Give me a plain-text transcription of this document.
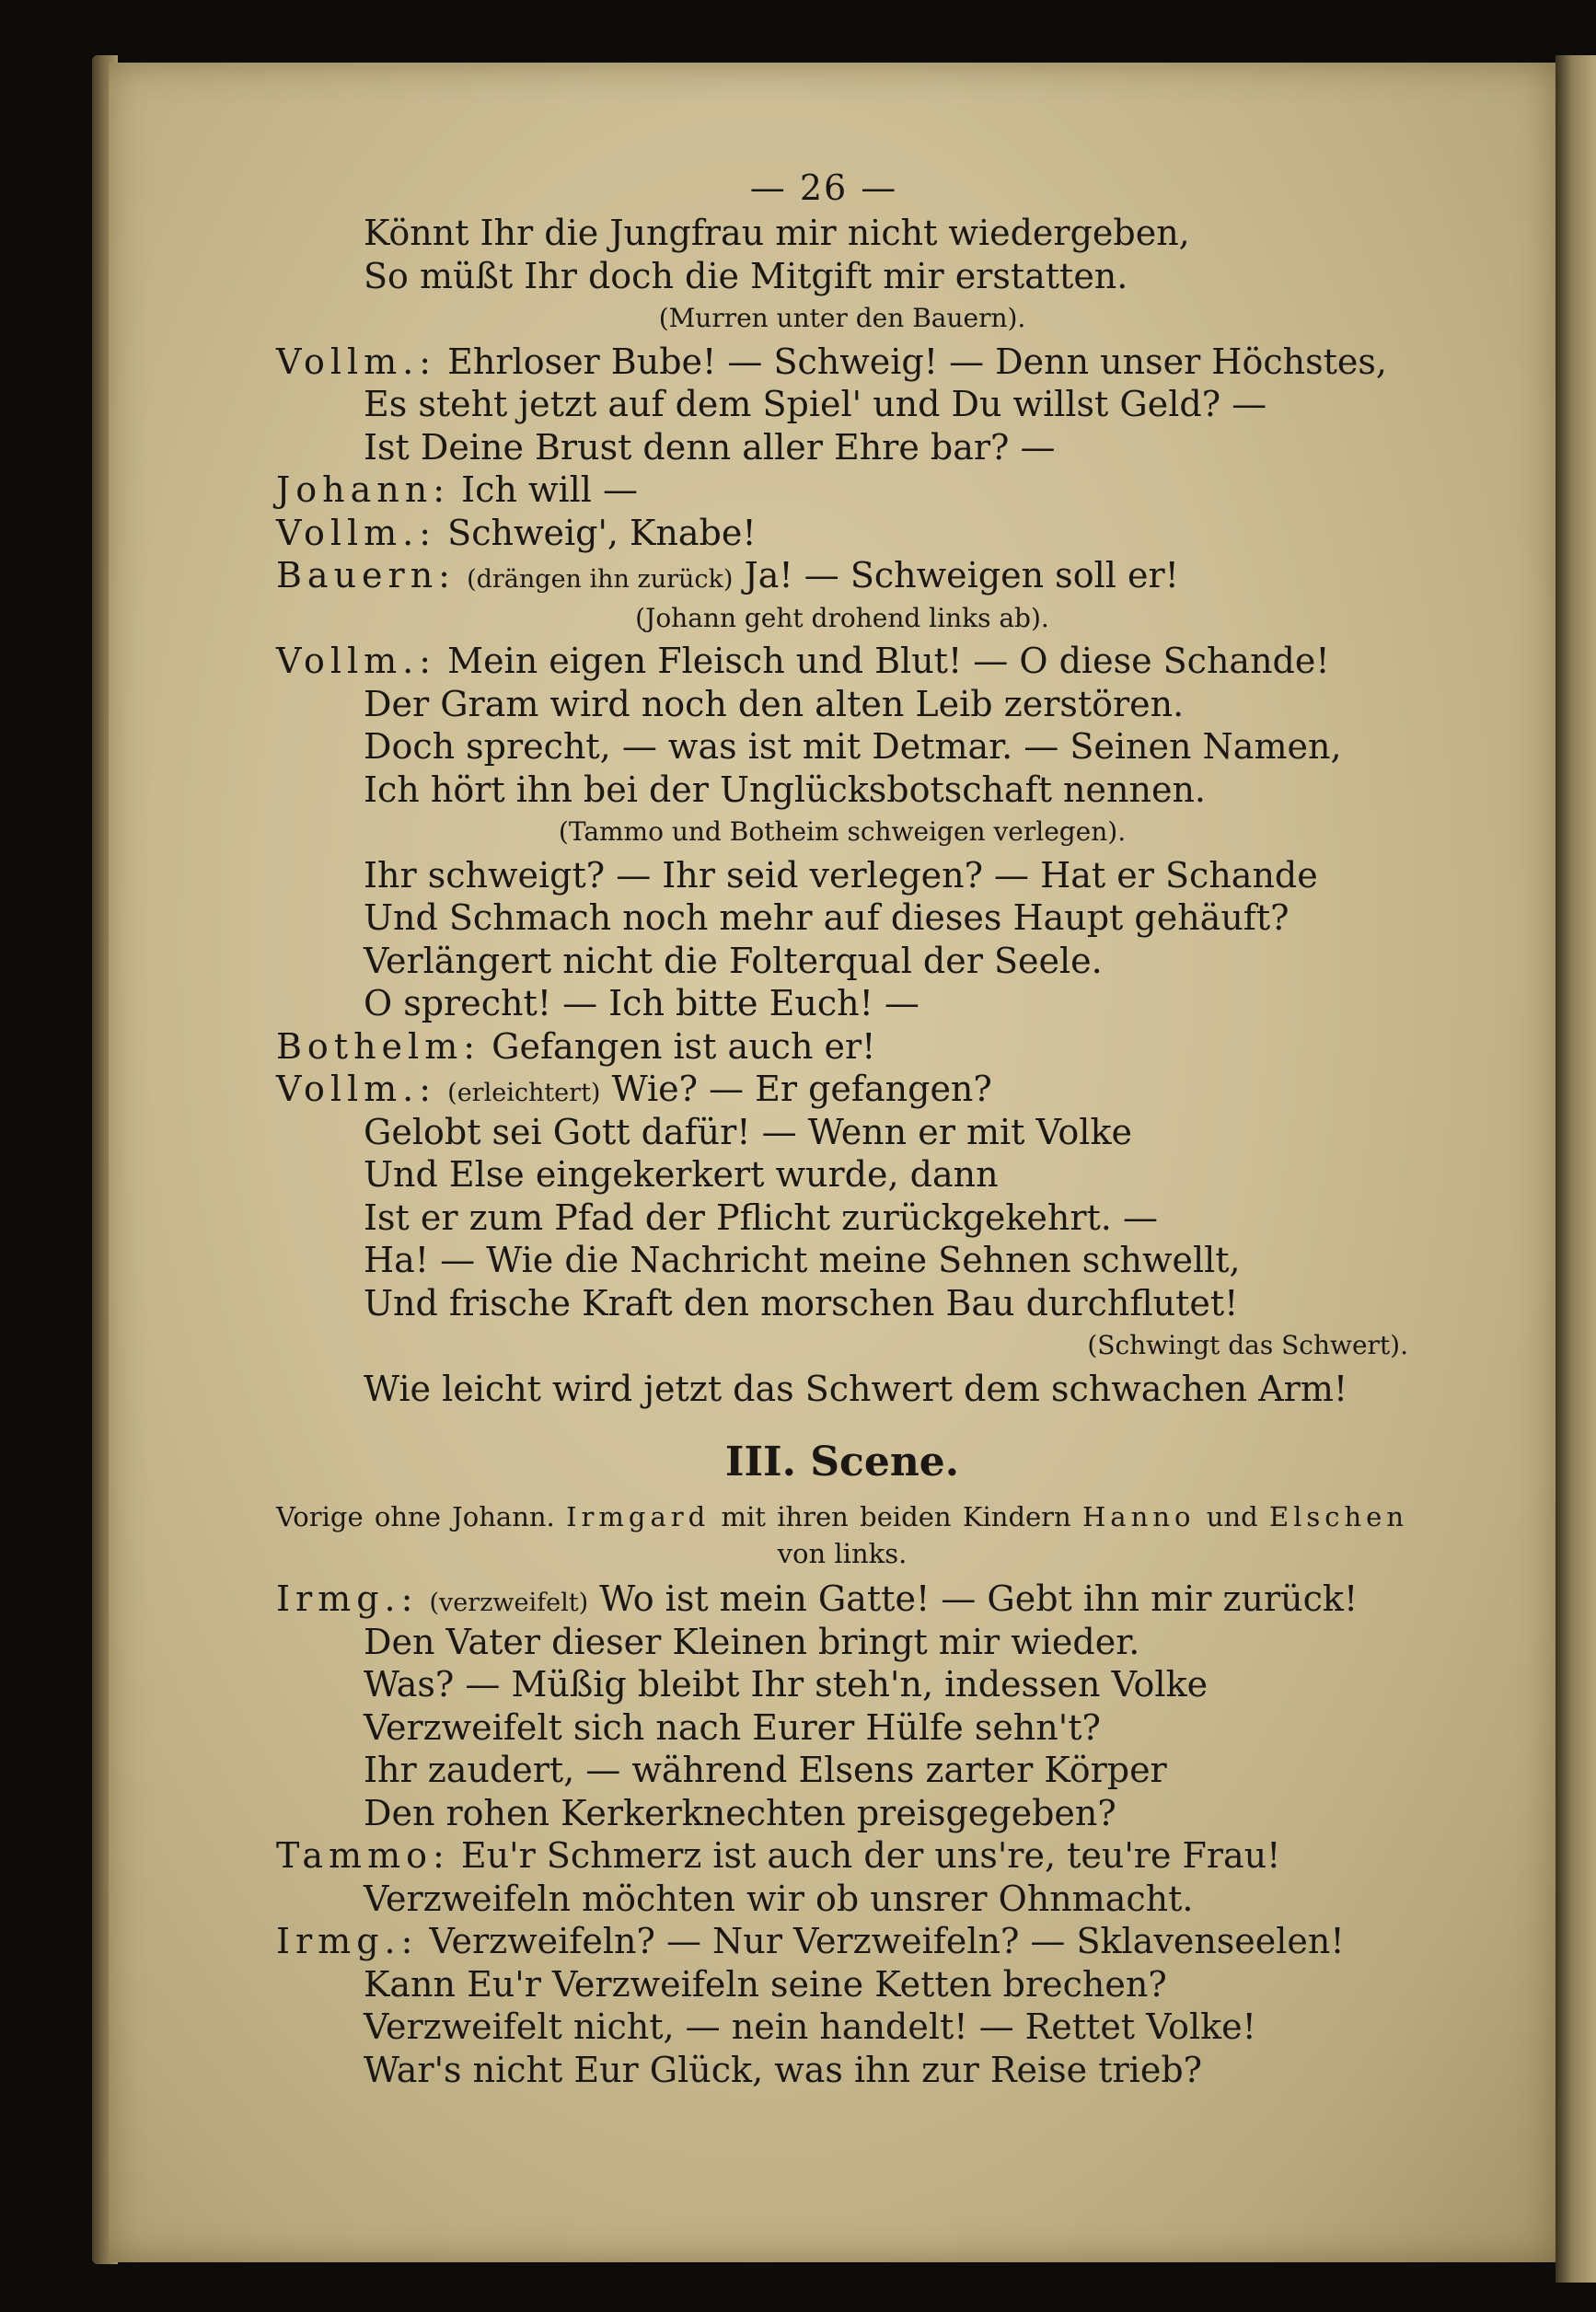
— 26 —
Könnt Ihr die Jungfrau mir nicht wiedergeben,
So müßt Ihr doch die Mitgift mir erstatten.
(Murren unter den Bauern).
Vollm.: Ehrloser Bube! — Schweig! — Denn unser Höchstes,
Es steht jetzt auf dem Spiel' und Du willst Geld? —
Ist Deine Brust denn aller Ehre bar? —
Johann: Ich will —
Vollm.: Schweig', Knabe!
Bauern: (drängen ihn zurück) Ja! — Schweigen soll er!
(Johann geht drohend links ab).
Vollm.: Mein eigen Fleisch und Blut! — O diese Schande!
Der Gram wird noch den alten Leib zerstören.
Doch sprecht, — was ist mit Detmar. — Seinen Namen,
Ich hört ihn bei der Unglücksbotschaft nennen.
(Tammo und Botheim schweigen verlegen).
Ihr schweigt? — Ihr seid verlegen? — Hat er Schande
Und Schmach noch mehr auf dieses Haupt gehäuft?
Verlängert nicht die Folterqual der Seele.
O sprecht! — Ich bitte Euch! —
Bothelm: Gefangen ist auch er!
Vollm.: (erleichtert) Wie? — Er gefangen?
Gelobt sei Gott dafür! — Wenn er mit Volke
Und Else eingekerkert wurde, dann
Ist er zum Pfad der Pflicht zurückgekehrt. —
Ha! — Wie die Nachricht meine Sehnen schwellt,
Und frische Kraft den morschen Bau durchflutet!
(Schwingt das Schwert).
Wie leicht wird jetzt das Schwert dem schwachen Arm!
III. Scene.
Vorige ohne Johann. Irmgard mit ihren beiden Kindern Hanno und Elschen von links.
Irmg.: (verzweifelt) Wo ist mein Gatte! — Gebt ihn mir zurück!
Den Vater dieser Kleinen bringt mir wieder.
Was? — Müßig bleibt Ihr steh'n, indessen Volke
Verzweifelt sich nach Eurer Hülfe sehn't?
Ihr zaudert, — während Elsens zarter Körper
Den rohen Kerkerknechten preisgegeben?
Tammo: Eu'r Schmerz ist auch der uns're, teu're Frau!
Verzweifeln möchten wir ob unsrer Ohnmacht.
Irmg.: Verzweifeln? — Nur Verzweifeln? — Sklavenseelen!
Kann Eu'r Verzweifeln seine Ketten brechen?
Verzweifelt nicht, — nein handelt! — Rettet Volke!
War's nicht Eur Glück, was ihn zur Reise trieb?
